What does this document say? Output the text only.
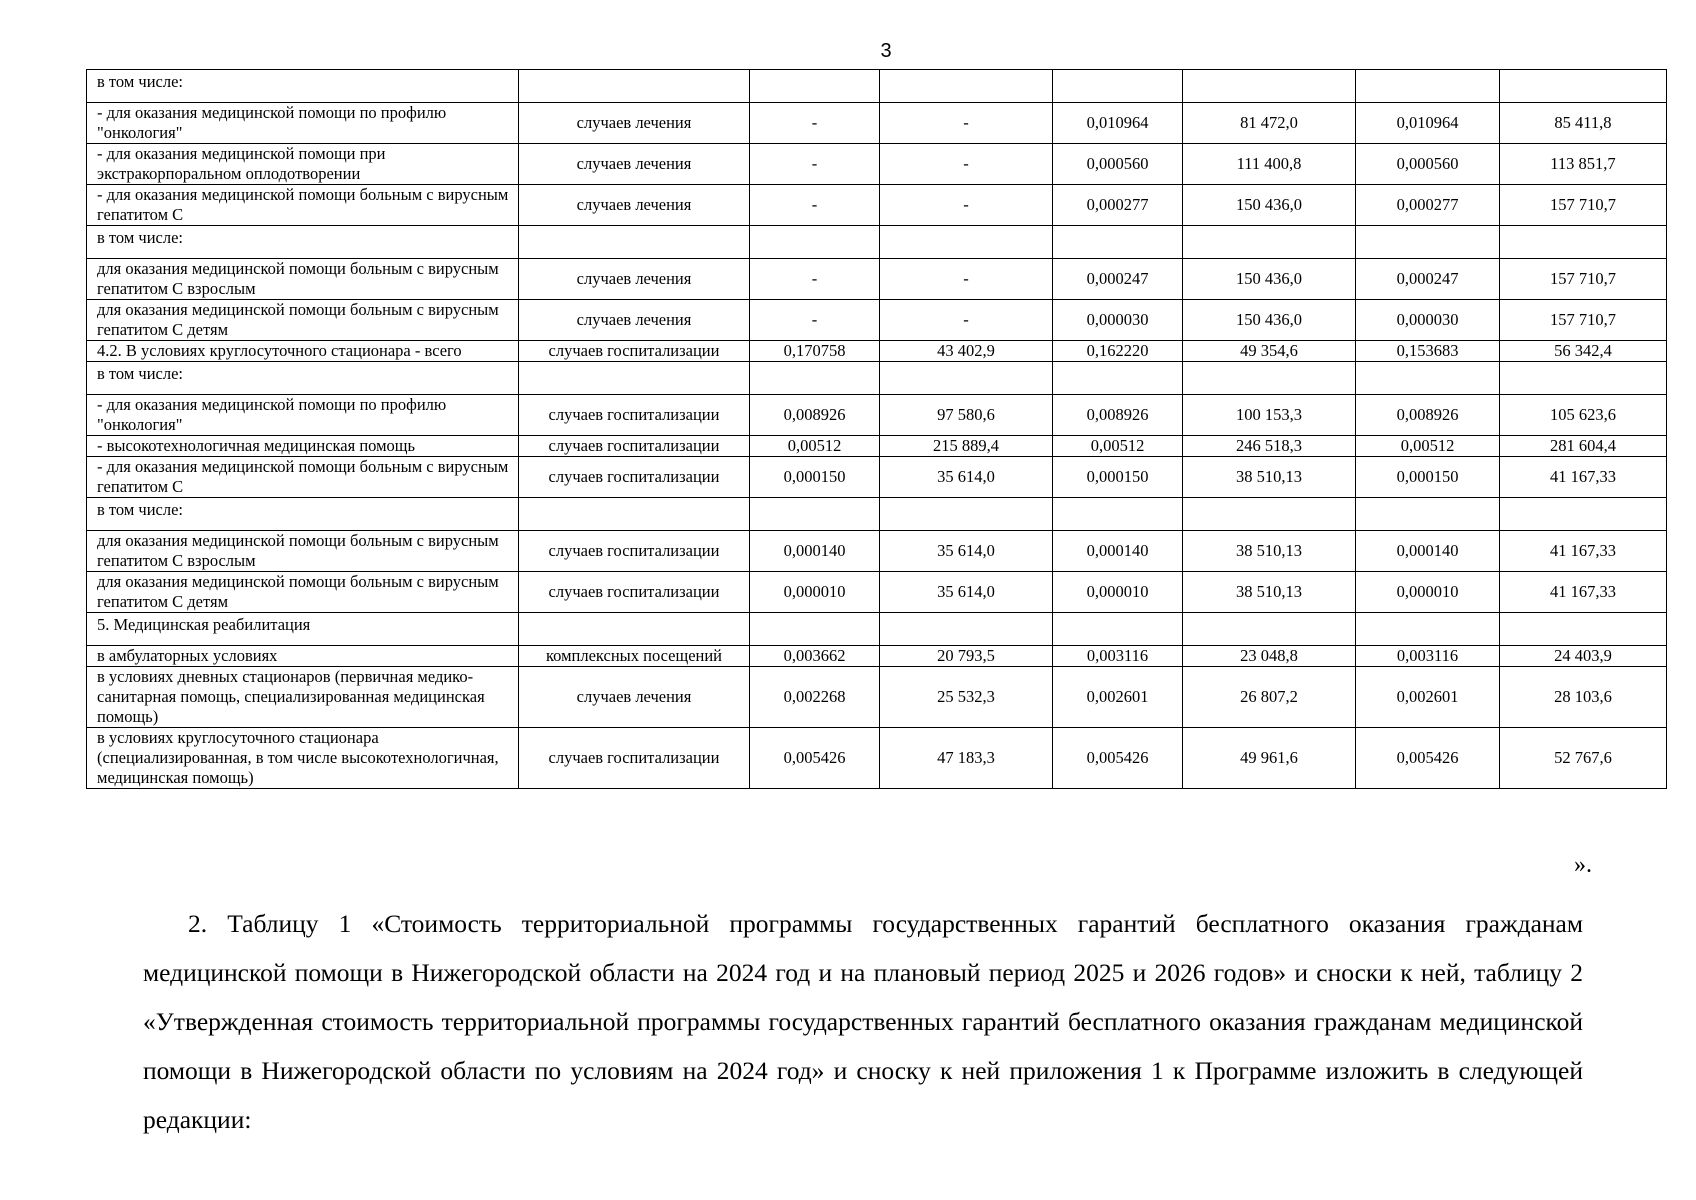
3
в том числе:							
- для оказания медицинской помощи по профилю "онкология"	случаев лечения	-	-	0,010964	81 472,0	0,010964	85 411,8
- для оказания медицинской помощи при экстракорпоральном оплодотворении	случаев лечения	-	-	0,000560	111 400,8	0,000560	113 851,7
- для оказания медицинской помощи больным с вирусным гепатитом С	случаев лечения	-	-	0,000277	150 436,0	0,000277	157 710,7
в том числе:							
для оказания медицинской помощи больным с вирусным гепатитом С взрослым	случаев лечения	-	-	0,000247	150 436,0	0,000247	157 710,7
для оказания медицинской помощи больным с вирусным гепатитом С детям	случаев лечения	-	-	0,000030	150 436,0	0,000030	157 710,7
4.2. В условиях круглосуточного стационара - всего	случаев госпитализации	0,170758	43 402,9	0,162220	49 354,6	0,153683	56 342,4
в том числе:							
- для оказания медицинской помощи по профилю "онкология"	случаев госпитализации	0,008926	97 580,6	0,008926	100 153,3	0,008926	105 623,6
- высокотехнологичная медицинская помощь	случаев госпитализации	0,00512	215 889,4	0,00512	246 518,3	0,00512	281 604,4
- для оказания медицинской помощи больным с вирусным гепатитом С	случаев госпитализации	0,000150	35 614,0	0,000150	38 510,13	0,000150	41 167,33
в том числе:							
для оказания медицинской помощи больным с вирусным гепатитом С взрослым	случаев госпитализации	0,000140	35 614,0	0,000140	38 510,13	0,000140	41 167,33
для оказания медицинской помощи больным с вирусным гепатитом С детям	случаев госпитализации	0,000010	35 614,0	0,000010	38 510,13	0,000010	41 167,33
5. Медицинская реабилитация							
в амбулаторных условиях	комплексных посещений	0,003662	20 793,5	0,003116	23 048,8	0,003116	24 403,9
в условиях дневных стационаров (первичная медико-санитарная помощь, специализированная медицинская помощь)	случаев лечения	0,002268	25 532,3	0,002601	26 807,2	0,002601	28 103,6
в условиях круглосуточного стационара (специализированная, в том числе высокотехнологичная, медицинская помощь)	случаев госпитализации	0,005426	47 183,3	0,005426	49 961,6	0,005426	52 767,6
».
2. Таблицу 1 «Стоимость территориальной программы государственных гарантий бесплатного оказания гражданам медицинской помощи в Нижегородской области на 2024 год и на плановый период 2025 и 2026 годов» и сноски к ней, таблицу 2 «Утвержденная стоимость территориальной программы государственных гарантий бесплатного оказания гражданам медицинской помощи в Нижегородской области по условиям на 2024 год» и сноску к ней приложения 1 к Программе изложить в следующей редакции:
